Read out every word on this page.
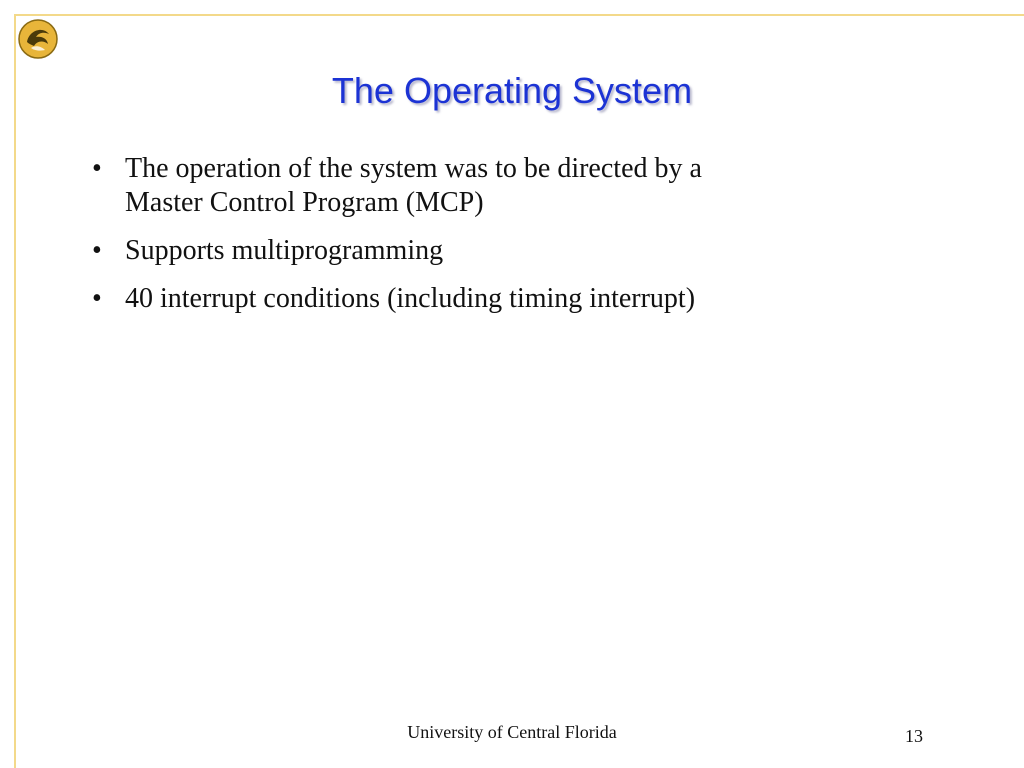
The Operating System
• The operation of the system was to be directed by a
Master Control Program (MCP)
• Supports multiprogramming
• 40 interrupt conditions (including timing interrupt)
University of Central Florida	13
